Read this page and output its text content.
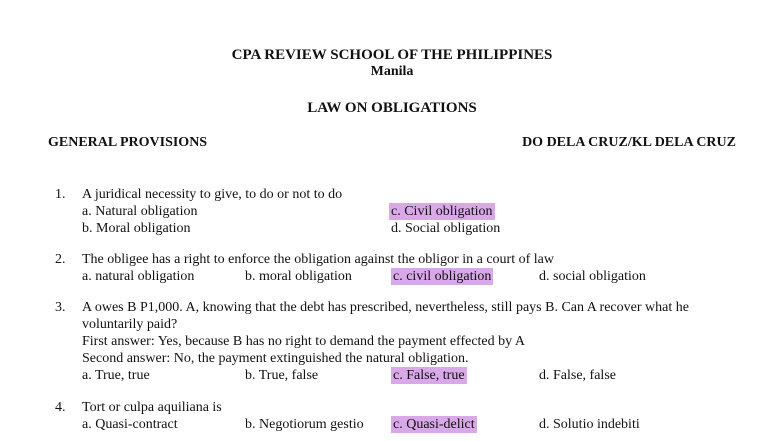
CPA REVIEW SCHOOL OF THE PHILIPPINES
Manila
LAW ON OBLIGATIONS
GENERAL PROVISIONS	DO DELA CRUZ/KL DELA CRUZ
1. A juridical necessity to give, to do or not to do
a. Natural obligation	c. Civil obligation
b. Moral obligation	d. Social obligation
2. The obligee has a right to enforce the obligation against the obligor in a court of law
a. natural obligation	b. moral obligation	c. civil obligation	d. social obligation
3. A owes B P1,000. A, knowing that the debt has prescribed, nevertheless, still pays B. Can A recover what he voluntarily paid?
First answer: Yes, because B has no right to demand the payment effected by A
Second answer: No, the payment extinguished the natural obligation.
a. True, true	b. True, false	c. False, true	d. False, false
4. Tort or culpa aquiliana is
a. Quasi-contract	b. Negotiorum gestio c. Quasi-delict	d. Solutio indebiti
